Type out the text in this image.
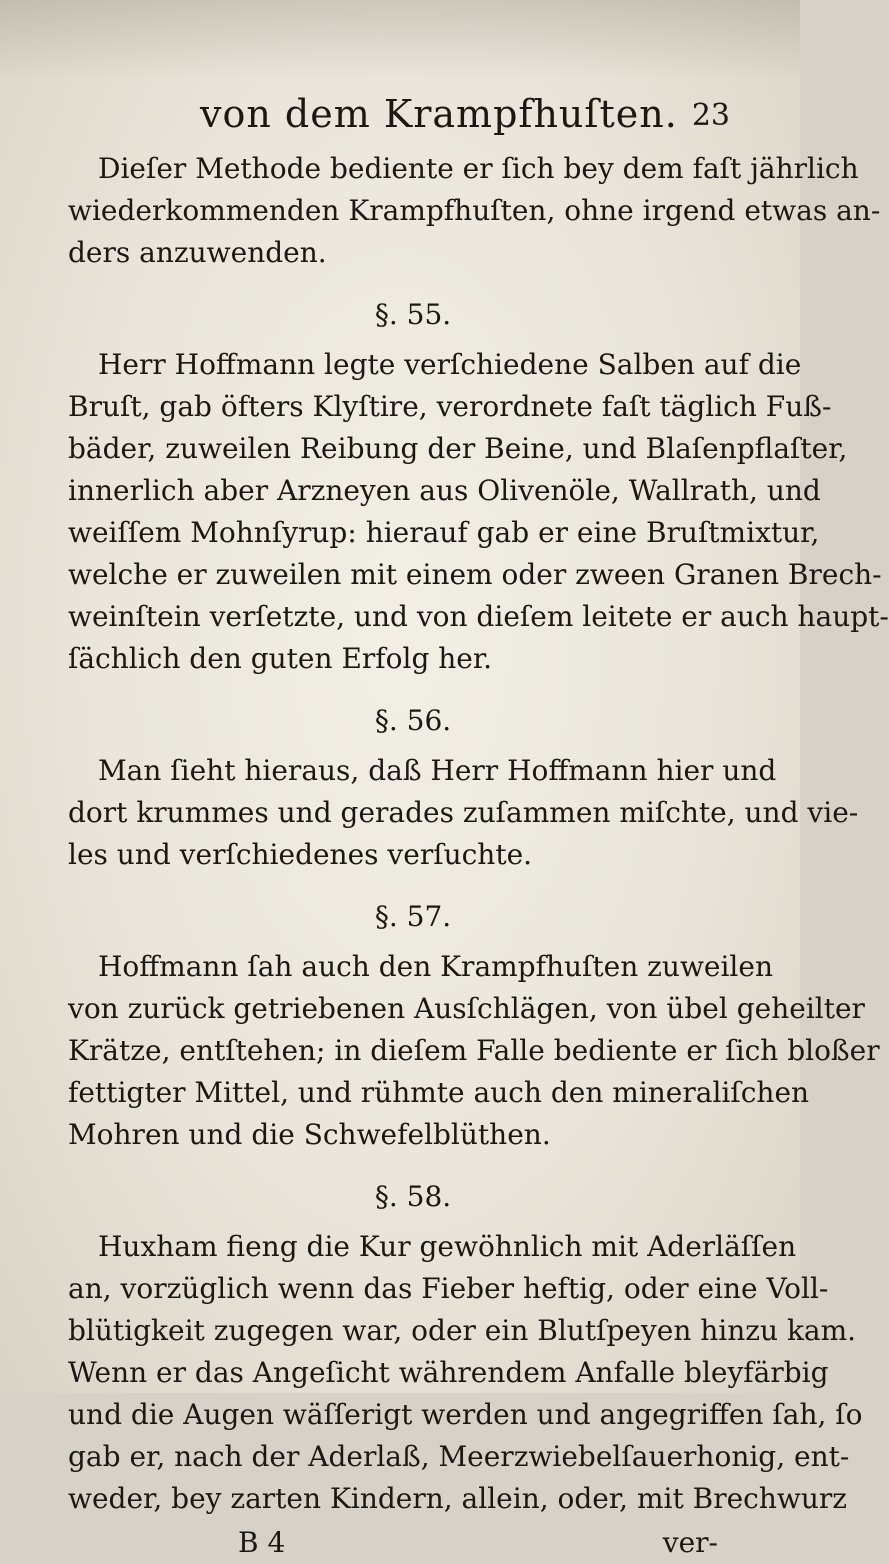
von dem Krampfhuſten. 23
Dieſer Methode bediente er ſich bey dem faſt jährlich
wiederkommenden Krampfhuſten, ohne irgend etwas an-
ders anzuwenden.
§. 55.
Herr Hoffmann legte verſchiedene Salben auf die
Bruſt, gab öfters Klyſtire, verordnete faſt täglich Fuß-
bäder, zuweilen Reibung der Beine, und Blaſenpflaſter,
innerlich aber Arzneyen aus Olivenöle, Wallrath, und
weiſſem Mohnſyrup: hierauf gab er eine Bruſtmixtur,
welche er zuweilen mit einem oder zween Granen Brech-
weinſtein verſetzte, und von dieſem leitete er auch haupt-
ſächlich den guten Erfolg her.
§. 56.
Man ſieht hieraus, daß Herr Hoffmann hier und
dort krummes und gerades zuſammen miſchte, und vie-
les und verſchiedenes verſuchte.
§. 57.
Hoffmann ſah auch den Krampfhuſten zuweilen
von zurück getriebenen Ausſchlägen, von übel geheilter
Krätze, entſtehen; in dieſem Falle bediente er ſich bloßer
fettigter Mittel, und rühmte auch den mineraliſchen
Mohren und die Schwefelblüthen.
§. 58.
Huxham fieng die Kur gewöhnlich mit Aderläſſen
an, vorzüglich wenn das Fieber heftig, oder eine Voll-
blütigkeit zugegen war, oder ein Blutſpeyen hinzu kam.
Wenn er das Angeſicht währendem Anfalle bleyfärbig
und die Augen wäſſerigt werden und angegriffen ſah, ſo
gab er, nach der Aderlaß, Meerzwiebelſauerhonig, ent-
weder, bey zarten Kindern, allein, oder, mit Brechwurz
B 4	ver-
